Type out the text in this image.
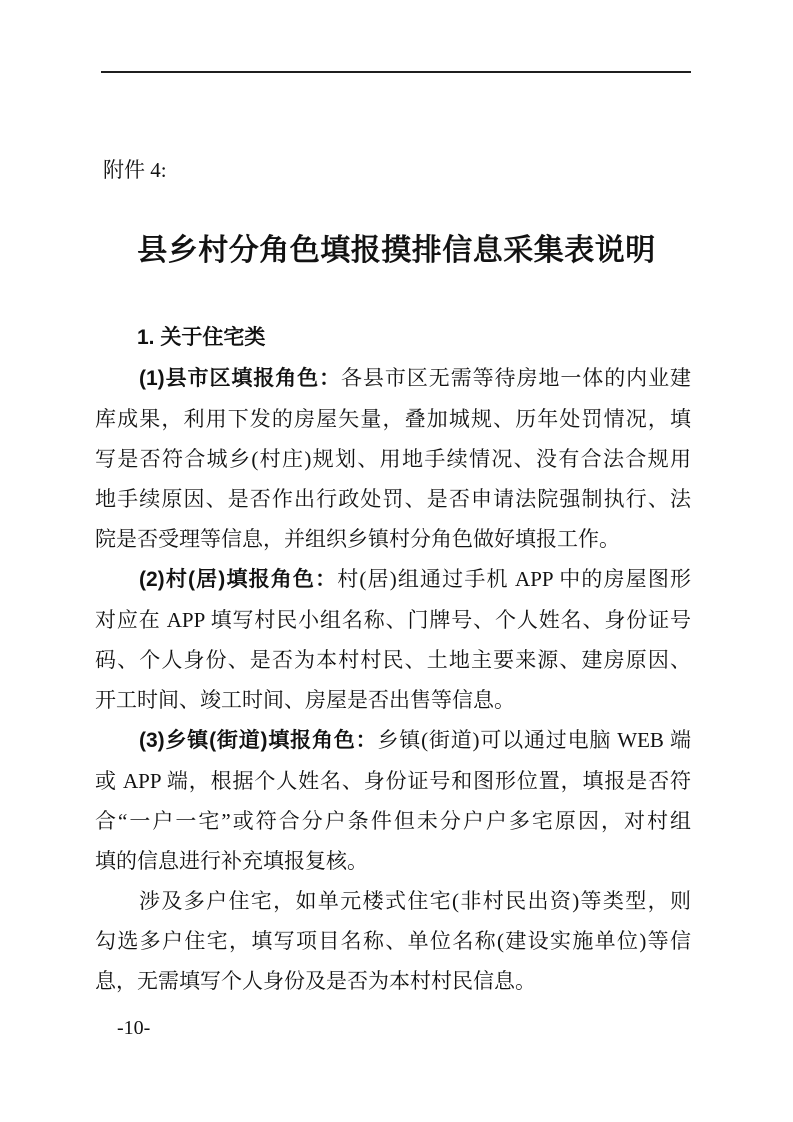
附件 4:
县乡村分角色填报摸排信息采集表说明
1. 关于住宅类
(1)县市区填报角色：各县市区无需等待房地一体的内业建
库成果，利用下发的房屋矢量，叠加城规、历年处罚情况，填
写是否符合城乡(村庄)规划、用地手续情况、没有合法合规用
地手续原因、是否作出行政处罚、是否申请法院强制执行、法
院是否受理等信息，并组织乡镇村分角色做好填报工作。
(2)村(居)填报角色：村(居)组通过手机 APP 中的房屋图形
对应在 APP 填写村民小组名称、门牌号、个人姓名、身份证号
码、个人身份、是否为本村村民、土地主要来源、建房原因、
开工时间、竣工时间、房屋是否出售等信息。
(3)乡镇(街道)填报角色：乡镇(街道)可以通过电脑 WEB 端
或 APP 端，根据个人姓名、身份证号和图形位置，填报是否符
合“一户一宅”或符合分户条件但未分户户多宅原因，对村组
填的信息进行补充填报复核。
涉及多户住宅，如单元楼式住宅(非村民出资)等类型，则
勾选多户住宅，填写项目名称、单位名称(建设实施单位)等信
息，无需填写个人身份及是否为本村村民信息。
-10-
